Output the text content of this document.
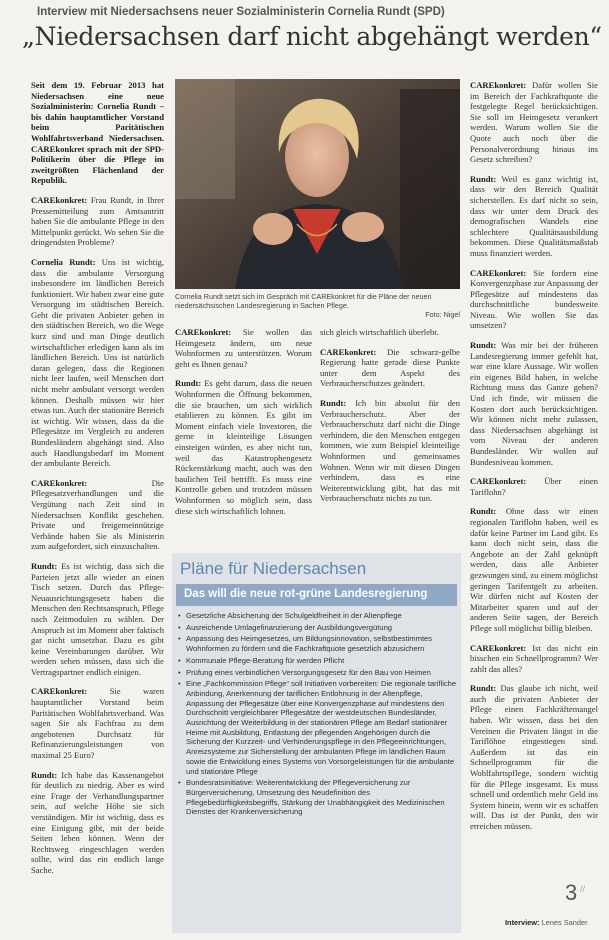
Interview mit Niedersachsens neuer Sozialministerin Cornelia Rundt (SPD)
„Niedersachsen darf nicht abgehängt werden“

Seit dem 19. Februar 2013 hat Niedersachsen eine neue Sozialministerin: Cornelia Rundt – bis dahin hauptamtlicher Vorstand beim Paritätischen Wohlfahrtsverband Niedersachsen. CAREkonkret sprach mit der SPD-Politikerin über die Pflege im zweitgrößten Flächenland der Republik.

CAREkonkret: Frau Rundt, in Ihrer Pressemitteilung zum Amtsantritt haben Sie die ambulante Pflege in den Mittelpunkt gerückt. Wo sehen Sie die dringendsten Probleme?

Cornelia Rundt: Uns ist wichtig, dass die ambulante Versorgung insbesondere im ländlichen Bereich funktioniert. Wir haben zwar eine gute Versorgung im städtischen Bereich. Geht die privaten Anbieter gehen in den städtischen Bereich, wo die Wege kurz sind und man Dinge deutlich wirtschaftlicher erledigen kann als im ländlichen Bereich. Uns ist natürlich daran gelegen, dass die Regionen nicht leer laufen, weil Menschen dort nicht mehr ambulant versorgt werden können. Deshalb müssen wir hier etwas tun. Auch der stationäre Bereich ist wichtig. Wir wissen, dass da die Pflegesätze im Vergleich zu anderen Bundesländern abgehängt sind. Also auch Handlungsbedarf im Moment der ambulante Bereich.

CAREkonkret:	Die Pflegesatzverhandlungen und die Vergütung nach Zeit sind in Niedersachsen Konflikt geschehen. Private und freigemeinnützige Verbände haben Sie als Ministerin zum aufgefordert, sich einzuschalten.

Rundt: Es ist wichtig, dass sich die Parteien jetzt alle wieder an einen Tisch setzen. Durch das Pflege-Neuausrichtungsgesetz haben die Menschen den Rechtsanspruch, Pflege nach Zeitmodulen zu wählen. Der Anspruch ist im Moment aber faktisch gar nicht umsetzbar. Dazu es gibt keine Vereinbarungen darüber. Wir werden sehen müssen, dass sich die Vertragspartner endlich einigen.

CAREkonkret:	Sie waren hauptamtlicher Vorstand beim Paritätischen Wohlfahrtsverband. Was sagen Sie als Fachfrau zu dem angebotenen Durchsatz für Refinanzierungsleistungen von maximal 25 Euro?

Rundt: Ich habe das Kassenangebot für deutlich zu niedrig. Aber es wird eine Frage der Verhandlungspartner sein, auf welche Höhe sie sich verständigen. Mir ist wichtig, dass es eine Einigung gibt, mit der beide Seiten leben können. Wenn der Rechtsweg eingeschlagen werden sollte, wird das ein endlich lange Sache.

Cornelia Rundt setzt sich im Gespräch mit CAREkonkret für die Pläne der neuen niedersächsischen Landesregierung in Sachen Pflege.
Foto: Nigel

CAREkonkret: Sie wollen das Heimgesetz ändern, um neue Wohnformen zu unterstützen. Worum geht es Ihnen genau?

Rundt: Es geht darum, dass die neuen Wohnformen die Öffnung bekommen, die sie brauchen, um sich wirklich etablieren zu können. Es gibt im Moment einfach viele Investoren, die gerne in kleinteilige Lösungen einsteigen würden, es aber nicht tun, weil das Katastrophengesetz Rückenstärkung macht, auch was den baulichen Teil betrifft. Es muss eine Kontrolle geben und trotzdem müssen Wohnformen so möglich sein, dass diese sich wirtschaftlich lohnen.

sich gleich wirtschaftlich überlebt.

CAREkonkret: Die schwarz-gelbe Regierung hatte gerade diese Punkte unter dem Aspekt des Verbraucherschutzes geändert.

Rundt: Ich bin absolut für den Verbraucherschutz. Aber der Verbraucherschutz darf nicht die Dinge verhindern, die den Menschen entgegen kommen, wie zum Beispiel kleinteilige Wohnformen und gemeinsames Wohnen. Wenn wir mit diesen Dingen verhindern, dass es eine Weiterentwicklung gibt, hat das mit Verbraucherschutz nichts zu tun.

Pläne für Niedersachsen
Das will die neue rot-grüne Landesregierung
• Gesetzliche Absicherung der Schulgeldfreiheit in der Altenpflege
• Ausreichende Umlagefinanzierung der Ausbildungsvergütung
• Anpassung des Heimgesetzes, um Bildungsinnovation, selbstbestimmtes Wohnformen zu fördern und die Fachkraftquote gesetzlich abzusichern
• Kommunale Pflege-Beratung für werden Pflicht
• Prüfung eines verbindlichen Versorgungsgesetz für den Bau von Heimen
• Eine „Fachkommission Pflege“ soll Initiativen vorbereiten: Die regionale tarifliche Anbindung, Anerkennung der tariflichen Entlohnung in der Altenpflege, Anpassung der Pflegesätze über eine Konvergenzphase auf mindestens den Durchschnitt vergleichbarer Pflegesätze der westdeutschen Bundesländer, Ausrichtung der Weiterbildung in der stationären Pflege am Bedarf stationärer Heime mit Ausbildung, Entlastung der pflegenden Angehörigen durch die Sicherung der Kurzzeit- und Verhinderungspflege in den Pflegeeinrichtungen, Anreizsysteme zur Sicherstellung der ambulanten Pflege im ländlichen Raum sowie die Entwicklung eines Systems von Vorsorgeleistungen für die ambulante und stationäre Pflege
• Bundesratsinitiative: Weiterentwicklung der Pflegeversicherung zur Bürgerversicherung, Umsetzung des Neudefinition des Pflegebedürftigkeitsbegriffs, Stärkung der Unabhängigkeit des Medizinischen Dienstes der Krankenversicherung

CAREkonkret: Dafür wollen Sie im Bereich der Fachkraftquote die festgelegte Regel berücksichtigen. Sie soll im Heimgesetz verankert werden. Warum wollen Sie die Quote auch noch über die Personalverordnung hinaus ins Gesetz schreiben?

Rundt: Weil es ganz wichtig ist, dass wir den Bereich Qualität sicherstellen. Es darf nicht so sein, dass wir unter dem Druck des demografischen Wandels eine schlechtere Qualitätsausbildung bekommen. Diese Qualitätsmaßstab muss finanziert werden.

CAREkonkret: Sie fordern eine Konvergenzphase zur Anpassung der Pflegesätze auf mindestens das durchschnittliche bundesweite Niveau. Wie wollen Sie das umsetzen?

Rundt: Was mir bei der früheren Landesregierung immer gefehlt hat, war eine klare Aussage. Wir wollen ein eigenes Bild haben, in welche Richtung muss das Ganze gehen? Und ich finde, wir müssen die Kosten dort auch berücksichtigen. Wir können nicht mehr zulassen, dass Niedersachsen abgehängt ist vom Niveau der anderen Bundesländer. Wir wollen auf Bundesniveau kommen.

CAREkonkret: Über einen Tariflohn?

Rundt: Ohne dass wir einen regionalen Tariflohn haben, weil es dafür keine Partner im Land gibt. Es kann doch nicht sein, dass die Angebote an der Zahl geknüpft werden, dass alle Anbieter gezwungen sind, zu einem möglichst geringen Tarifentgelt zu arbeiten. Wir dürfen nicht auf Kosten der Mitarbeiter sparen und auf der anderen Seite sagen, der Bereich Pflege soll möglichst billig bleiben.

CAREkonkret: Ist das nicht ein bisschen ein Schnellprogramm? Wer zahlt das alles?

Rundt: Das glaube ich nicht, weil auch die privaten Anbieter der Pflege einen Fachkräftemangel haben. Wir wissen, dass bei den Vereinen die Privaten längst in die Tariflöhne eingestiegen sind. Außerdem ist das ein Schnellprogramm für die Wohlfahrtspflege, sondern wichtig für die Pflege insgesamt. Es muss schnell und ordentlich mehr Geld ins System hinein, wenn wir es schaffen will. Das ist der Punkt, den wir erreichen müssen.

3 //
Interview: Lenes Sander
